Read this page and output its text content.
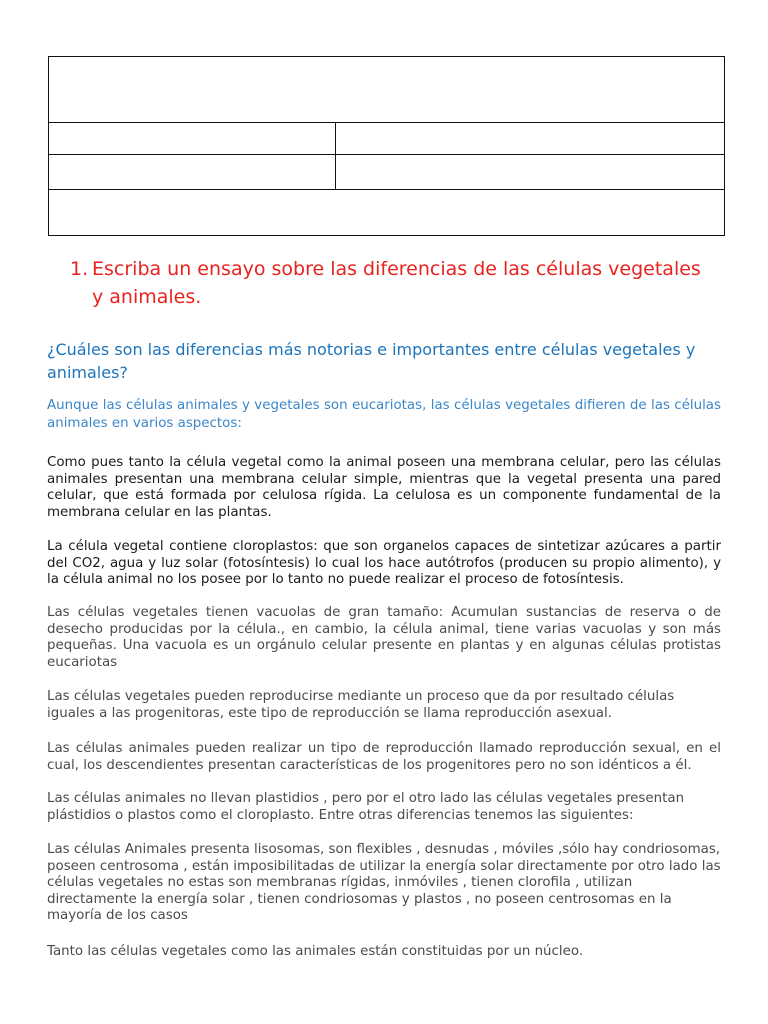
1. Escriba un ensayo sobre las diferencias de las células vegetales y animales.
¿Cuáles son las diferencias más notorias e importantes entre células vegetales y animales?
Aunque las células animales y vegetales son eucariotas, las células vegetales difieren de las células animales en varios aspectos:
Como pues tanto la célula vegetal como la animal poseen una membrana celular, pero las células animales presentan una membrana celular simple, mientras que la vegetal presenta una pared celular, que está formada por celulosa rígida. La celulosa es un componente fundamental de la membrana celular en las plantas.
La célula vegetal contiene cloroplastos: que son organelos capaces de sintetizar azúcares a partir del CO2, agua y luz solar (fotosíntesis) lo cual los hace autótrofos (producen su propio alimento), y la célula animal no los posee por lo tanto no puede realizar el proceso de fotosíntesis.
Las células vegetales tienen vacuolas de gran tamaño: Acumulan sustancias de reserva o de desecho producidas por la célula., en cambio, la célula animal, tiene varias vacuolas y son más pequeñas. Una vacuola es un orgánulo celular presente en plantas y en algunas células protistas eucariotas
Las células vegetales pueden reproducirse mediante un proceso que da por resultado células iguales a las progenitoras, este tipo de reproducción se llama reproducción asexual.
Las células animales pueden realizar un tipo de reproducción llamado reproducción sexual, en el cual, los descendientes presentan características de los progenitores pero no son idénticos a él.
Las células animales no llevan plastidios , pero por el otro lado las células vegetales presentan plástidios o plastos como el cloroplasto. Entre otras diferencias tenemos las siguientes:
Las células Animales presenta lisosomas, son flexibles , desnudas , móviles ,sólo hay condriosomas, poseen centrosoma , están imposibilitadas de utilizar la energía solar directamente por otro lado las células vegetales no estas son membranas rígidas, inmóviles , tienen clorofila , utilizan directamente la energía solar , tienen condriosomas y plastos , no poseen centrosomas en la mayoría de los casos
Tanto las células vegetales como las animales están constituidas por un núcleo.
